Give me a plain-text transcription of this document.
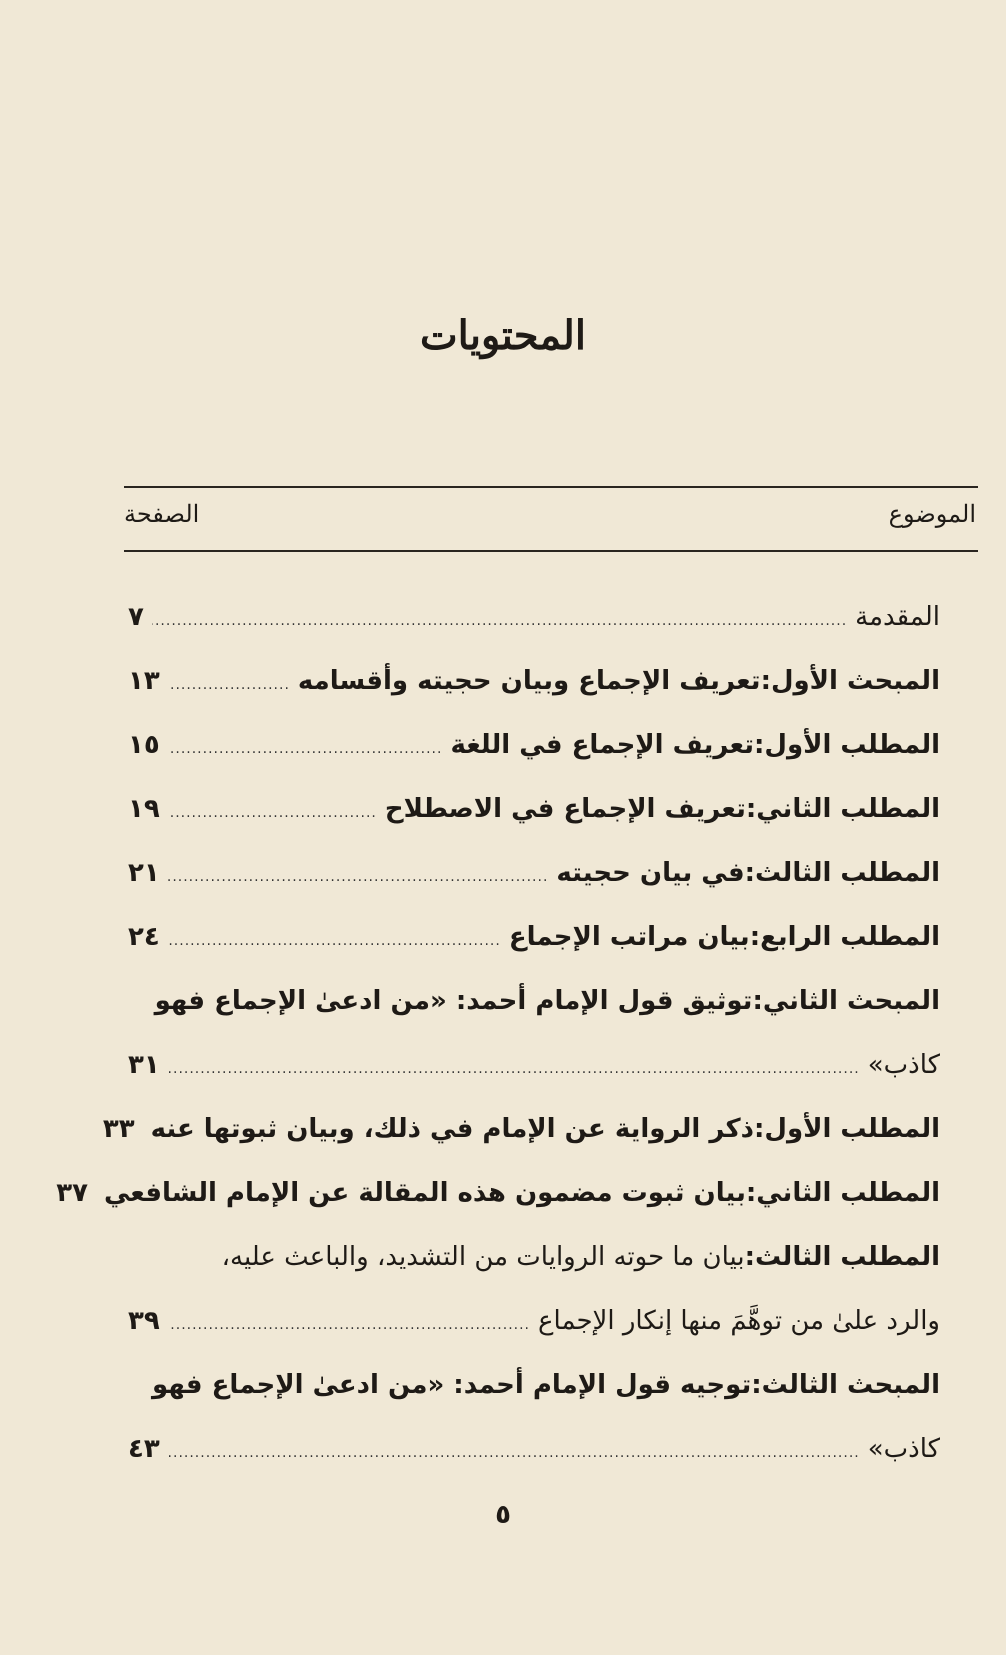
المحتويات
الموضوع
الصفحة
المقدمة
.....
٧
المبحث الأول:
تعريف الإجماع وبيان حجيته وأقسامه
.....
١٣
المطلب الأول:
تعريف الإجماع في اللغة
.....
١٥
المطلب الثاني:
تعريف الإجماع في الاصطلاح
.....
١٩
المطلب الثالث:
في بيان حجيته
.....
٢١
المطلب الرابع:
بيان مراتب الإجماع
.....
٢٤
المبحث الثاني:
توثيق قول الإمام أحمد: «من ادعىٰ الإجماع فهو
كاذب»
.....
٣١
المطلب الأول:
ذكر الرواية عن الإمام في ذلك، وبيان ثبوتها عنه
٣٣
المطلب الثاني:
بيان ثبوت مضمون هذه المقالة عن الإمام الشافعي
٣٧
المطلب الثالث:
بيان ما حوته الروايات من التشديد، والباعث عليه،
والرد علىٰ من توهَّمَ منها إنكار الإجماع
.....
٣٩
المبحث الثالث:
توجيه قول الإمام أحمد: «من ادعىٰ الإجماع فهو
كاذب»
.....
٤٣
٥
